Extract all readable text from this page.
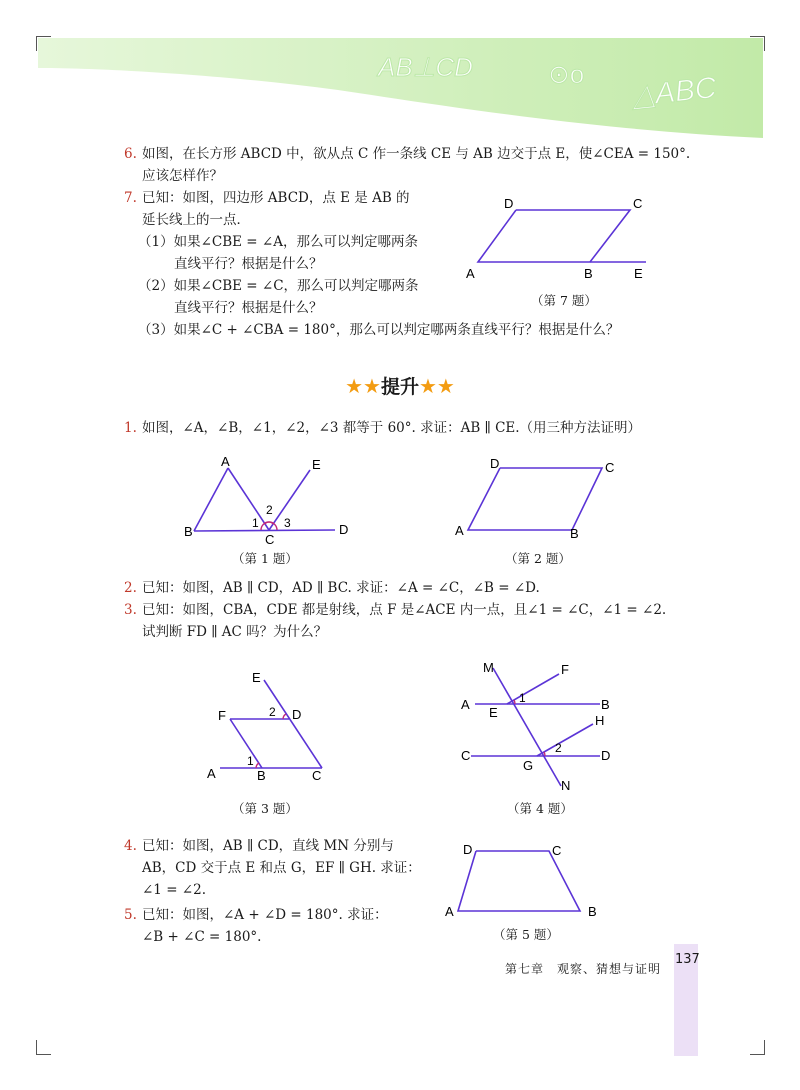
AB⊥CD	⊙o △ABC
6. 如图，在长方形 ABCD 中，欲从点 C 作一条线 CE 与 AB 边交于点 E，使∠CEA = 150°.
应该怎样作？
7. 已知：如图，四边形 ABCD，点 E 是 AB 的
延长线上的一点．
（1）如果∠CBE = ∠A，那么可以判定哪两条
直线平行？根据是什么？
（2）如果∠CBE = ∠C，那么可以判定哪两条
直线平行？根据是什么？
（3）如果∠C + ∠CBA = 180°，那么可以判定哪两条直线平行？根据是什么？
D	C
A	B	E
（第 7 题）
★★提升★★
1. 如图，∠A，∠B，∠1，∠2，∠3 都等于 60°. 求证：AB ∥ CE.（用三种方法证明）
A	E
B
C
D
1
2
3
（第 1 题）
D	C
A	B
（第 2 题）
2. 已知：如图，AB ∥ CD，AD ∥ BC. 求证：∠A = ∠C，∠B = ∠D.
3. 已知：如图，CBA，CDE 都是射线，点 F 是∠ACE 内一点，且∠1 = ∠C，∠1 = ∠2.
试判断 FD ∥ AC 吗？为什么？
E
F	D
A	B	C
1
2
（第 3 题）
M	F
A
E
B
H
C
G
D
N
1
2
（第 4 题）
4. 已知：如图，AB ∥ CD，直线 MN 分别与
AB，CD 交于点 E 和点 G，EF ∥ GH. 求证：
∠1 = ∠2.
5. 已知：如图，∠A + ∠D = 180°. 求证：
∠B + ∠C = 180°.
D	C
A	B
（第 5 题）
137
第七章　观察、猜想与证明
